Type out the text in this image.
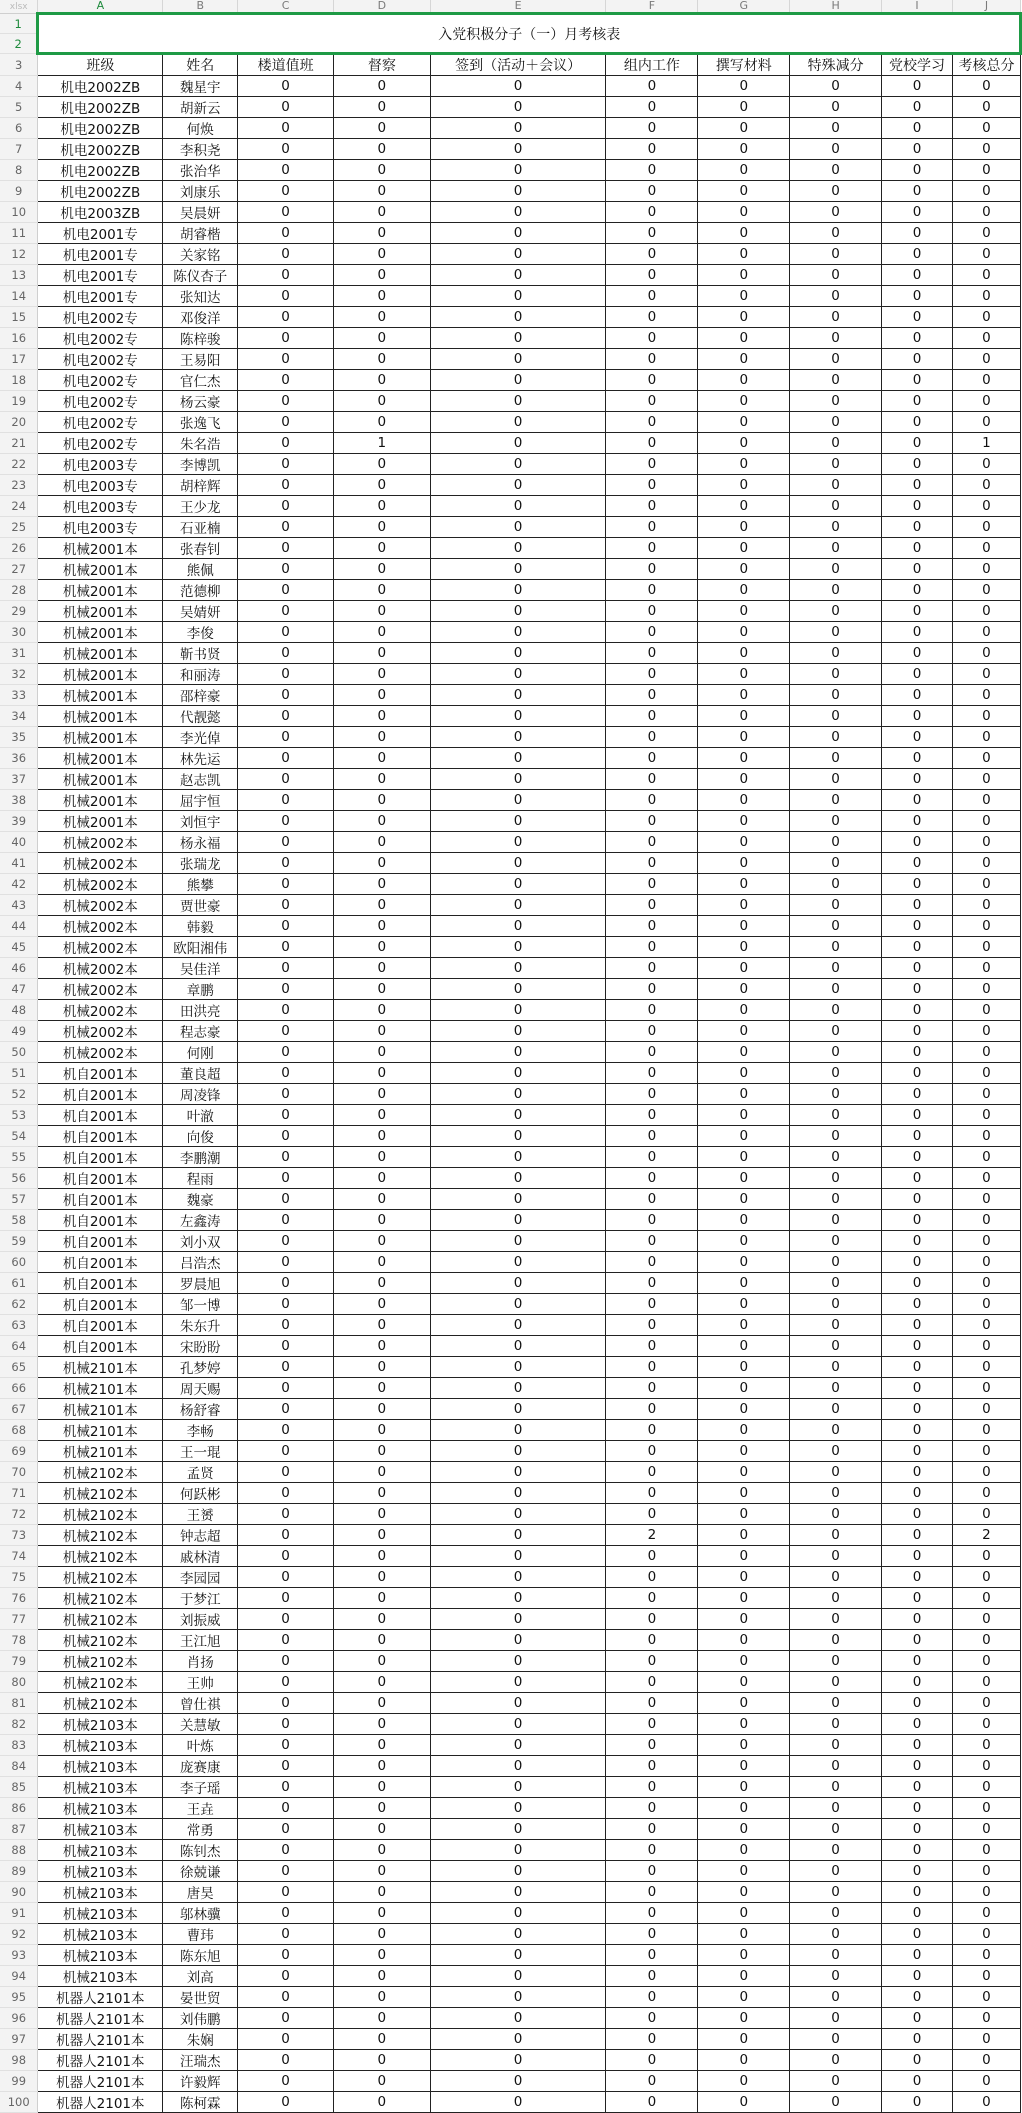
xlsx	A	B	C	D	E	F	G	H	I	J
1	入党积极分子（一）月考核表									
2										
3	班级	姓名	楼道值班	督察	签到（活动＋会议）	组内工作	撰写材料	特殊减分	党校学习	考核总分
4	机电2002ZB	魏星宇	0	0	0	0	0	0	0	0
5	机电2002ZB	胡新云	0	0	0	0	0	0	0	0
6	机电2002ZB	何焕	0	0	0	0	0	0	0	0
7	机电2002ZB	李积尧	0	0	0	0	0	0	0	0
8	机电2002ZB	张治华	0	0	0	0	0	0	0	0
9	机电2002ZB	刘康乐	0	0	0	0	0	0	0	0
10	机电2003ZB	吴晨妍	0	0	0	0	0	0	0	0
11	机电2001专	胡睿楷	0	0	0	0	0	0	0	0
12	机电2001专	关家铭	0	0	0	0	0	0	0	0
13	机电2001专	陈仪杏子	0	0	0	0	0	0	0	0
14	机电2001专	张知达	0	0	0	0	0	0	0	0
15	机电2002专	邓俊洋	0	0	0	0	0	0	0	0
16	机电2002专	陈梓骏	0	0	0	0	0	0	0	0
17	机电2002专	王易阳	0	0	0	0	0	0	0	0
18	机电2002专	官仁杰	0	0	0	0	0	0	0	0
19	机电2002专	杨云豪	0	0	0	0	0	0	0	0
20	机电2002专	张逸飞	0	0	0	0	0	0	0	0
21	机电2002专	朱名浩	0	1	0	0	0	0	0	1
22	机电2003专	李博凯	0	0	0	0	0	0	0	0
23	机电2003专	胡梓辉	0	0	0	0	0	0	0	0
24	机电2003专	王少龙	0	0	0	0	0	0	0	0
25	机电2003专	石亚楠	0	0	0	0	0	0	0	0
26	机械2001本	张春钊	0	0	0	0	0	0	0	0
27	机械2001本	熊佩	0	0	0	0	0	0	0	0
28	机械2001本	范德柳	0	0	0	0	0	0	0	0
29	机械2001本	吴婧妍	0	0	0	0	0	0	0	0
30	机械2001本	李俊	0	0	0	0	0	0	0	0
31	机械2001本	靳书贤	0	0	0	0	0	0	0	0
32	机械2001本	和丽涛	0	0	0	0	0	0	0	0
33	机械2001本	邵梓豪	0	0	0	0	0	0	0	0
34	机械2001本	代靓懿	0	0	0	0	0	0	0	0
35	机械2001本	李光倬	0	0	0	0	0	0	0	0
36	机械2001本	林先运	0	0	0	0	0	0	0	0
37	机械2001本	赵志凯	0	0	0	0	0	0	0	0
38	机械2001本	屈宇恒	0	0	0	0	0	0	0	0
39	机械2001本	刘恒宇	0	0	0	0	0	0	0	0
40	机械2002本	杨永福	0	0	0	0	0	0	0	0
41	机械2002本	张瑞龙	0	0	0	0	0	0	0	0
42	机械2002本	熊攀	0	0	0	0	0	0	0	0
43	机械2002本	贾世豪	0	0	0	0	0	0	0	0
44	机械2002本	韩毅	0	0	0	0	0	0	0	0
45	机械2002本	欧阳湘伟	0	0	0	0	0	0	0	0
46	机械2002本	吴佳洋	0	0	0	0	0	0	0	0
47	机械2002本	章鹏	0	0	0	0	0	0	0	0
48	机械2002本	田洪亮	0	0	0	0	0	0	0	0
49	机械2002本	程志豪	0	0	0	0	0	0	0	0
50	机械2002本	何刚	0	0	0	0	0	0	0	0
51	机自2001本	董良超	0	0	0	0	0	0	0	0
52	机自2001本	周凌锋	0	0	0	0	0	0	0	0
53	机自2001本	叶澈	0	0	0	0	0	0	0	0
54	机自2001本	向俊	0	0	0	0	0	0	0	0
55	机自2001本	李鹏潮	0	0	0	0	0	0	0	0
56	机自2001本	程雨	0	0	0	0	0	0	0	0
57	机自2001本	魏豪	0	0	0	0	0	0	0	0
58	机自2001本	左鑫涛	0	0	0	0	0	0	0	0
59	机自2001本	刘小双	0	0	0	0	0	0	0	0
60	机自2001本	吕浩杰	0	0	0	0	0	0	0	0
61	机自2001本	罗晨旭	0	0	0	0	0	0	0	0
62	机自2001本	邹一博	0	0	0	0	0	0	0	0
63	机自2001本	朱东升	0	0	0	0	0	0	0	0
64	机自2001本	宋盼盼	0	0	0	0	0	0	0	0
65	机械2101本	孔梦婷	0	0	0	0	0	0	0	0
66	机械2101本	周天赐	0	0	0	0	0	0	0	0
67	机械2101本	杨舒睿	0	0	0	0	0	0	0	0
68	机械2101本	李畅	0	0	0	0	0	0	0	0
69	机械2101本	王一琨	0	0	0	0	0	0	0	0
70	机械2102本	孟贤	0	0	0	0	0	0	0	0
71	机械2102本	何跃彬	0	0	0	0	0	0	0	0
72	机械2102本	王赟	0	0	0	0	0	0	0	0
73	机械2102本	钟志超	0	0	0	2	0	0	0	2
74	机械2102本	戚林清	0	0	0	0	0	0	0	0
75	机械2102本	李园园	0	0	0	0	0	0	0	0
76	机械2102本	于梦江	0	0	0	0	0	0	0	0
77	机械2102本	刘振威	0	0	0	0	0	0	0	0
78	机械2102本	王江旭	0	0	0	0	0	0	0	0
79	机械2102本	肖扬	0	0	0	0	0	0	0	0
80	机械2102本	王帅	0	0	0	0	0	0	0	0
81	机械2102本	曾仕祺	0	0	0	0	0	0	0	0
82	机械2103本	关慧敏	0	0	0	0	0	0	0	0
83	机械2103本	叶炼	0	0	0	0	0	0	0	0
84	机械2103本	庞赛康	0	0	0	0	0	0	0	0
85	机械2103本	李子瑶	0	0	0	0	0	0	0	0
86	机械2103本	王垚	0	0	0	0	0	0	0	0
87	机械2103本	常勇	0	0	0	0	0	0	0	0
88	机械2103本	陈钊杰	0	0	0	0	0	0	0	0
89	机械2103本	徐兢谦	0	0	0	0	0	0	0	0
90	机械2103本	唐昊	0	0	0	0	0	0	0	0
91	机械2103本	邬林骥	0	0	0	0	0	0	0	0
92	机械2103本	曹玮	0	0	0	0	0	0	0	0
93	机械2103本	陈东旭	0	0	0	0	0	0	0	0
94	机械2103本	刘高	0	0	0	0	0	0	0	0
95	机器人2101本	晏世贸	0	0	0	0	0	0	0	0
96	机器人2101本	刘伟鹏	0	0	0	0	0	0	0	0
97	机器人2101本	朱娴	0	0	0	0	0	0	0	0
98	机器人2101本	汪瑞杰	0	0	0	0	0	0	0	0
99	机器人2101本	许毅辉	0	0	0	0	0	0	0	0
100	机器人2101本	陈柯霖	0	0	0	0	0	0	0	0
